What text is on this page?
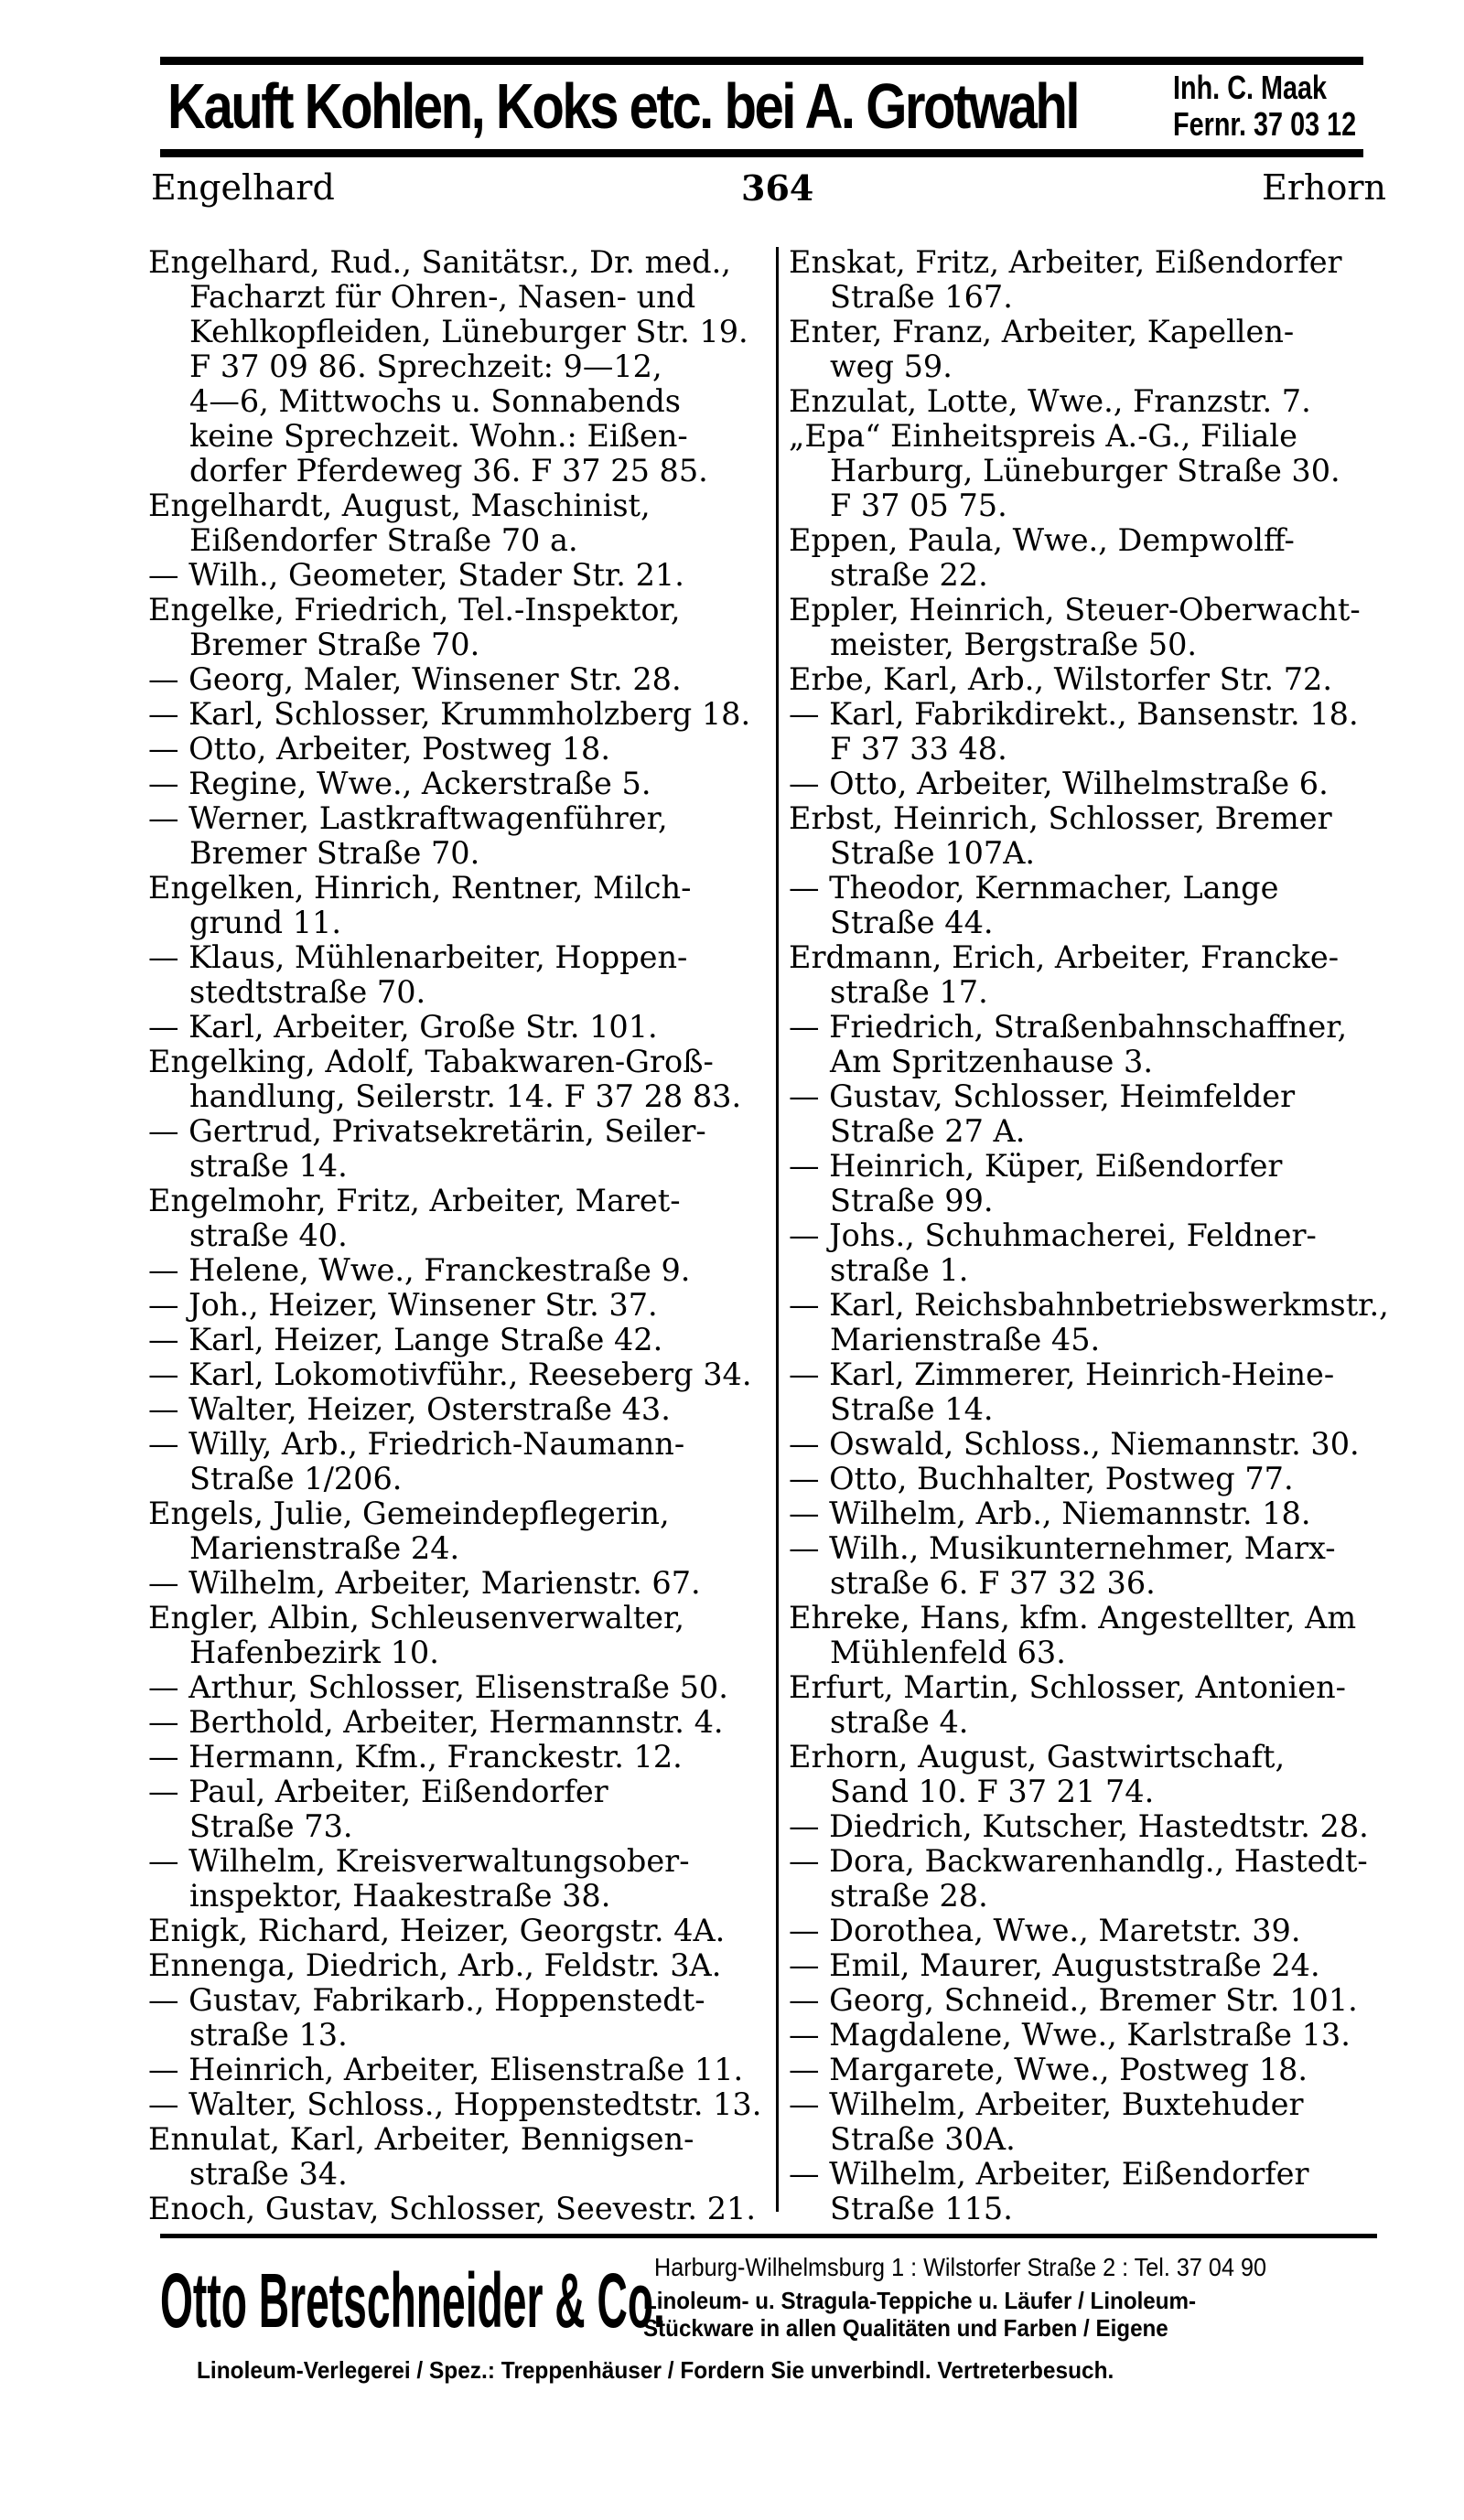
Kauft Kohlen, Koks etc. bei A. Grotwahl	Inh. C. Maak
Fernr. 37 03 12
Engelhard	364	Erhorn
Engelhard, Rud., Sanitätsr., Dr. med.,
Facharzt für Ohren-, Nasen- und
Kehlkopfleiden, Lüneburger Str. 19.
F 37 09 86. Sprechzeit: 9—12,
4—6, Mittwochs u. Sonnabends
keine Sprechzeit. Wohn.: Eißen-
dorfer Pferdeweg 36. F 37 25 85.
Engelhardt, August, Maschinist,
Eißendorfer Straße 70 a.
— Wilh., Geometer, Stader Str. 21.
Engelke, Friedrich, Tel.-Inspektor,
Bremer Straße 70.
— Georg, Maler, Winsener Str. 28.
— Karl, Schlosser, Krummholzberg 18.
— Otto, Arbeiter, Postweg 18.
— Regine, Wwe., Ackerstraße 5.
— Werner, Lastkraftwagenführer,
Bremer Straße 70.
Engelken, Hinrich, Rentner, Milch-
grund 11.
— Klaus, Mühlenarbeiter, Hoppen-
stedtstraße 70.
— Karl, Arbeiter, Große Str. 101.
Engelking, Adolf, Tabakwaren-Groß-
handlung, Seilerstr. 14. F 37 28 83.
— Gertrud, Privatsekretärin, Seiler-
straße 14.
Engelmohr, Fritz, Arbeiter, Maret-
straße 40.
— Helene, Wwe., Franckestraße 9.
— Joh., Heizer, Winsener Str. 37.
— Karl, Heizer, Lange Straße 42.
— Karl, Lokomotivführ., Reeseberg 34.
— Walter, Heizer, Osterstraße 43.
— Willy, Arb., Friedrich-Naumann-
Straße 1/206.
Engels, Julie, Gemeindepflegerin,
Marienstraße 24.
— Wilhelm, Arbeiter, Marienstr. 67.
Engler, Albin, Schleusenverwalter,
Hafenbezirk 10.
— Arthur, Schlosser, Elisenstraße 50.
— Berthold, Arbeiter, Hermannstr. 4.
— Hermann, Kfm., Franckestr. 12.
— Paul, Arbeiter, Eißendorfer
Straße 73.
— Wilhelm, Kreisverwaltungsober-
inspektor, Haakestraße 38.
Enigk, Richard, Heizer, Georgstr. 4A.
Ennenga, Diedrich, Arb., Feldstr. 3A.
— Gustav, Fabrikarb., Hoppenstedt-
straße 13.
— Heinrich, Arbeiter, Elisenstraße 11.
— Walter, Schloss., Hoppenstedtstr. 13.
Ennulat, Karl, Arbeiter, Bennigsen-
straße 34.
Enoch, Gustav, Schlosser, Seevestr. 21.
Enskat, Fritz, Arbeiter, Eißendorfer
Straße 167.
Enter, Franz, Arbeiter, Kapellen-
weg 59.
Enzulat, Lotte, Wwe., Franzstr. 7.
„Epa“ Einheitspreis A.-G., Filiale
Harburg, Lüneburger Straße 30.
F 37 05 75.
Eppen, Paula, Wwe., Dempwolff-
straße 22.
Eppler, Heinrich, Steuer-Oberwacht-
meister, Bergstraße 50.
Erbe, Karl, Arb., Wilstorfer Str. 72.
— Karl, Fabrikdirekt., Bansenstr. 18.
F 37 33 48.
— Otto, Arbeiter, Wilhelmstraße 6.
Erbst, Heinrich, Schlosser, Bremer
Straße 107A.
— Theodor, Kernmacher, Lange
Straße 44.
Erdmann, Erich, Arbeiter, Francke-
straße 17.
— Friedrich, Straßenbahnschaffner,
Am Spritzenhause 3.
— Gustav, Schlosser, Heimfelder
Straße 27 A.
— Heinrich, Küper, Eißendorfer
Straße 99.
— Johs., Schuhmacherei, Feldner-
straße 1.
— Karl, Reichsbahnbetriebswerkmstr.,
Marienstraße 45.
— Karl, Zimmerer, Heinrich-Heine-
Straße 14.
— Oswald, Schloss., Niemannstr. 30.
— Otto, Buchhalter, Postweg 77.
— Wilhelm, Arb., Niemannstr. 18.
— Wilh., Musikunternehmer, Marx-
straße 6. F 37 32 36.
Ehreke, Hans, kfm. Angestellter, Am
Mühlenfeld 63.
Erfurt, Martin, Schlosser, Antonien-
straße 4.
Erhorn, August, Gastwirtschaft,
Sand 10. F 37 21 74.
— Diedrich, Kutscher, Hastedtstr. 28.
— Dora, Backwarenhandlg., Hastedt-
straße 28.
— Dorothea, Wwe., Maretstr. 39.
— Emil, Maurer, Auguststraße 24.
— Georg, Schneid., Bremer Str. 101.
— Magdalene, Wwe., Karlstraße 13.
— Margarete, Wwe., Postweg 18.
— Wilhelm, Arbeiter, Buxtehuder
Straße 30A.
— Wilhelm, Arbeiter, Eißendorfer
Straße 115.
Otto Bretschneider & Co.
Harburg-Wilhelmsburg 1 : Wilstorfer Straße 2 : Tel. 37 04 90
Linoleum- u. Stragula-Teppiche u. Läufer / Linoleum-
Stückware in allen Qualitäten und Farben / Eigene
Linoleum-Verlegerei / Spez.: Treppenhäuser / Fordern Sie unverbindl. Vertreterbesuch.
